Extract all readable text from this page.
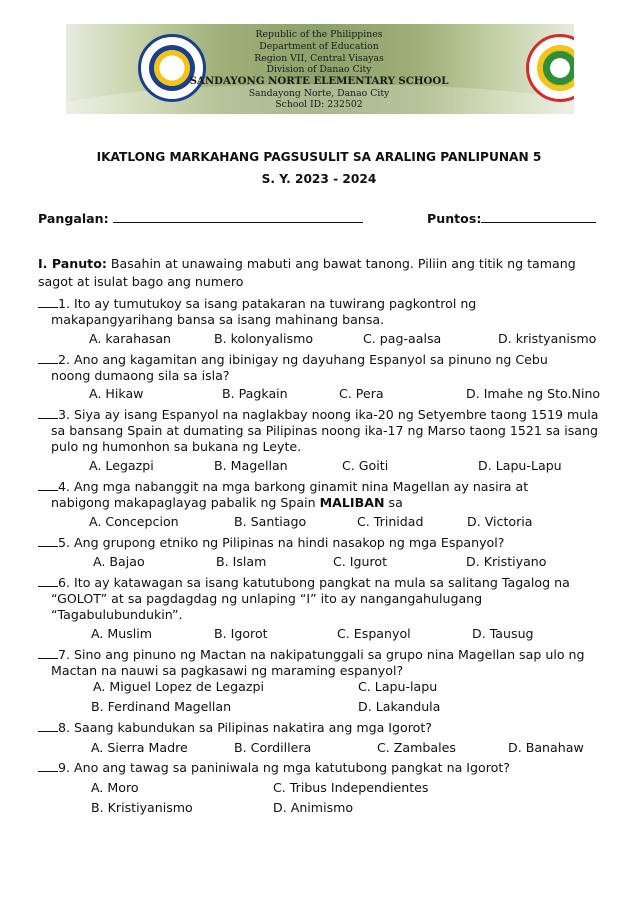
Republic of the Philippines
Department of Education
Region VII, Central Visayas
Division of Danao City
SANDAYONG NORTE ELEMENTARY SCHOOL
Sandayong Norte, Danao City
School ID: 232502
IKATLONG MARKAHANG PAGSUSULIT SA ARALING PANLIPUNAN 5
S. Y. 2023 - 2024
Pangalan:	Puntos:
I. Panuto: Basahin at unawaing mabuti ang bawat tanong. Piliin ang titik ng tamang
sagot at isulat bago ang numero
1. Ito ay tumutukoy sa isang patakaran na tuwirang pagkontrol ng
makapangyarihang bansa sa isang mahinang bansa.
A. karahasan	B. kolonyalismo	C. pag-aalsa	D. kristyanismo
2. Ano ang kagamitan ang ibinigay ng dayuhang Espanyol sa pinuno ng Cebu
noong dumaong sila sa isla?
A. Hikaw	B. Pagkain	C. Pera	D. Imahe ng Sto.Nino
3. Siya ay isang Espanyol na naglakbay noong ika-20 ng Setyembre taong 1519 mula
sa bansang Spain at dumating sa Pilipinas noong ika-17 ng Marso taong 1521 sa isang
pulo ng humonhon sa bukana ng Leyte.
A. Legazpi	B. Magellan	C. Goiti	D. Lapu-Lapu
4. Ang mga nabanggit na mga barkong ginamit nina Magellan ay nasira at
nabigong makapaglayag pabalik ng Spain MALIBAN sa
A. Concepcion	B. Santiago	C. Trinidad	D. Victoria
5. Ang grupong etniko ng Pilipinas na hindi nasakop ng mga Espanyol?
A. Bajao	B. Islam	C. Igurot	D. Kristiyano
6. Ito ay katawagan sa isang katutubong pangkat na mula sa salitang Tagalog na
“GOLOT” at sa pagdagdag ng unlaping “I” ito ay nangangahulugang
“Tagabulubundukin”.
A. Muslim	B. Igorot	C. Espanyol	D. Tausug
7. Sino ang pinuno ng Mactan na nakipatunggali sa grupo nina Magellan sap ulo ng
Mactan na nauwi sa pagkasawi ng maraming espanyol?
A. Miguel Lopez de Legazpi	C. Lapu-lapu
B. Ferdinand Magellan	D. Lakandula
8. Saang kabundukan sa Pilipinas nakatira ang mga Igorot?
A. Sierra Madre	B. Cordillera	C. Zambales	D. Banahaw
9. Ano ang tawag sa paniniwala ng mga katutubong pangkat na Igorot?
A. Moro	C. Tribus Independientes
B. Kristiyanismo	D. Animismo
